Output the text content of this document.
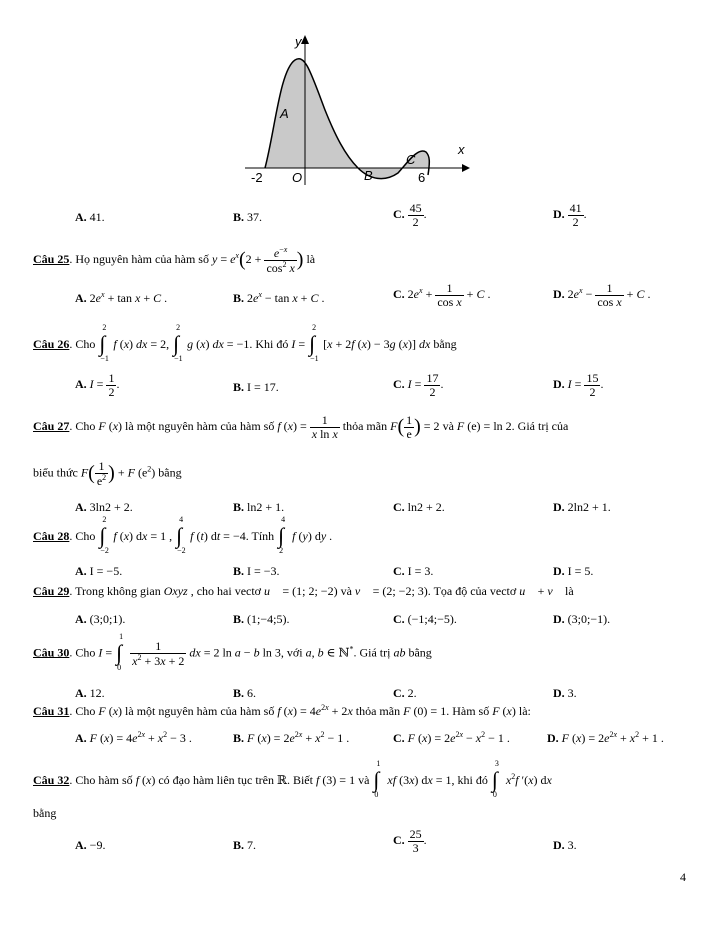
y
x
A
B
C
-2 O	6
A. 41.	B. 37.	C. $\frac{45}{2}$ .	D. $\frac{41}{2}$ .
Câu 25. Họ nguyên hàm của hàm số $y = e^x(2 + \frac{e^{-x}}{\cos^2 x}$ ) là
A. $2e^x + \tan x + C$ .	B. $2e^x - \tan x + C$ .	C. $2e^x + \frac{1}{\text{cos x}} + C$ .	D. $2e^x - \frac{1}{\text{cos x}} + C$ .
Câu 26. Cho
2
∫
−1
f (x) dx = 2,
2
∫
−1
g (x) dx = −1. Khi đó I =
2
∫
−1
[x + 2f (x) − 3g (x)] dx bằng
A. $I = \frac{1}{2}$ .	B. I = 17.	C. $I = \frac{17}{2}$ .	D. $I = \frac{15}{2}$ .
Câu 27. Cho F (x) là một nguyên hàm của hàm số f $(x) = \frac{1}{\text{x ln x}}$ thỏa mãn $F( \frac{1}{e}$ ) = 2 và F (e) = ln 2. Giá trị của
biểu thức $F( \frac{1}{e^2}$ ) + F $(e^2)$ bằng
A. 3ln2 + 2.	B. ln2 + 1.	C. ln2 + 2.	D. 2ln2 + 1.
Câu 28. Cho
2
∫
−2
f (x) dx = 1 ,
4
∫
−2
f (t) dt = −4. Tính
4
∫
2
f (y) dy .
A. I = −5.	B. I = −3.	C. I = 3.	D. I = 5.
Câu 29. Trong không gian Oxyz , cho hai vectơ u⃗ = (1; 2; −2) và v⃗ = (2; −2; 3). Tọa độ của vectơ u⃗ + v⃗ là
A. (3;0;1).	B. (1;−4;5).	C. (−1;4;−5).	D. (3;0;−1).
Câu 30. Cho I =
1
∫
0
$\frac{1}{x^2 + 3x + 2}$ dx = 2 ln a − b ln 3, với a, b ∈ ℕ*. Giá trị ab bằng
A. 12.	B. 6.	C. 2.	D. 3.
Câu 31. Cho F (x) là một nguyên hàm của hàm số f $(x) = 4e^{2x} + 2x$ thỏa mãn F (0) = 1. Hàm số F (x) là:
A. F $(x) = 4e^{2x} + x^2 - 3$ .	B. F $(x) = 2e^{2x} + x^2 - 1$ .	C. F $(x) = 2e^{2x} - x^2 - 1$ .	D. F $(x) = 2e^{2x} + x^2 + 1$ .
Câu 32. Cho hàm số f (x) có đạo hàm liên tục trên ℝ. Biết f (3) = 1 và
1
∫
0
xf (3x) dx = 1, khi đó
3
∫
0
$x^2f$ ′(x) dx
bằng
A. −9.	B. 7.	C. $\frac{25}{3}$ .	D. 3.
4
